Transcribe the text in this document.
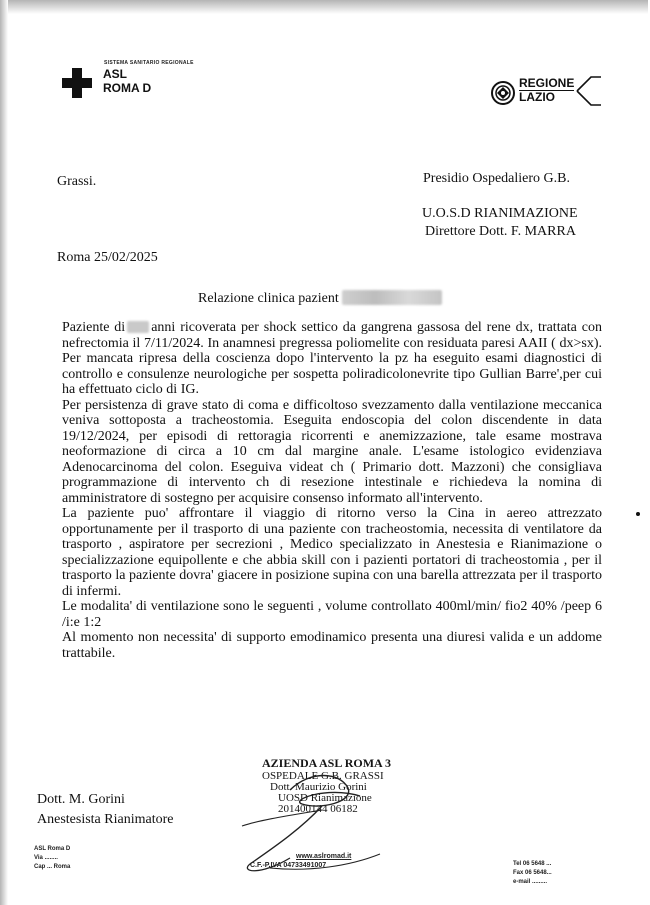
SISTEMA SANITARIO REGIONALE
ASL
ROMA D	REGIONE
LAZIO
Grassi.	Presidio Ospedaliero G.B.
U.O.S.D RIANIMAZIONE
Direttore Dott. F. MARRA
Roma 25/02/2025
Relazione clinica pazient

Paziente di anni ricoverata per shock settico da gangrena gassosa del rene dx, trattata con nefrectomia il 7/11/2024. In anamnesi pregressa poliomelite con residuata paresi AAII ( dx>sx). Per mancata ripresa della coscienza dopo l'intervento la pz ha eseguito esami diagnostici di controllo e consulenze neurologiche per sospetta poliradicolonevrite tipo Gullian Barre',per cui ha effettuato ciclo di IG.

Per persistenza di grave stato di coma e difficoltoso svezzamento dalla ventilazione meccanica veniva sottoposta a tracheostomia. Eseguita endoscopia del colon discendente in data 19/12/2024, per episodi di rettoragia ricorrenti e anemizzazione, tale esame mostrava neoformazione di circa a 10 cm dal margine anale. L'esame istologico evidenziava Adenocarcinoma del colon. Eseguiva videat ch ( Primario dott. Mazzoni) che consigliava programmazione di intervento ch di resezione intestinale e richiedeva la nomina di amministratore di sostegno per acquisire consenso informato all'intervento.

La paziente puo' affrontare il viaggio di ritorno verso la Cina in aereo attrezzato opportunamente per il trasporto di una paziente con tracheostomia, necessita di ventilatore da trasporto , aspiratore per secrezioni , Medico specializzato in Anestesia e Rianimazione o specializzazione equipollente e che abbia skill con i pazienti portatori di tracheostomia , per il trasporto la paziente dovra' giacere in posizione supina con una barella attrezzata per il trasporto di infermi.

Le modalita' di ventilazione sono le seguenti , volume controllato 400ml/min/ fio2 40% /peep 6 /i:e 1:2

Al momento non necessita' di supporto emodinamico presenta una diuresi valida e un addome trattabile.

Dott. M. Gorini
Anestesista Rianimatore
AZIENDA ASL ROMA 3
OSPEDALE G.B. GRASSI
Dott. Maurizio Gorini
UOSD Rianimazione
201400144 06182
ASL Roma D
Via ........
Cap ... Roma
www.aslromad.it
C.F.-P.IVA 04733491007	Tel 06 5648 ...
Fax 06 5648...
e-mail .........
